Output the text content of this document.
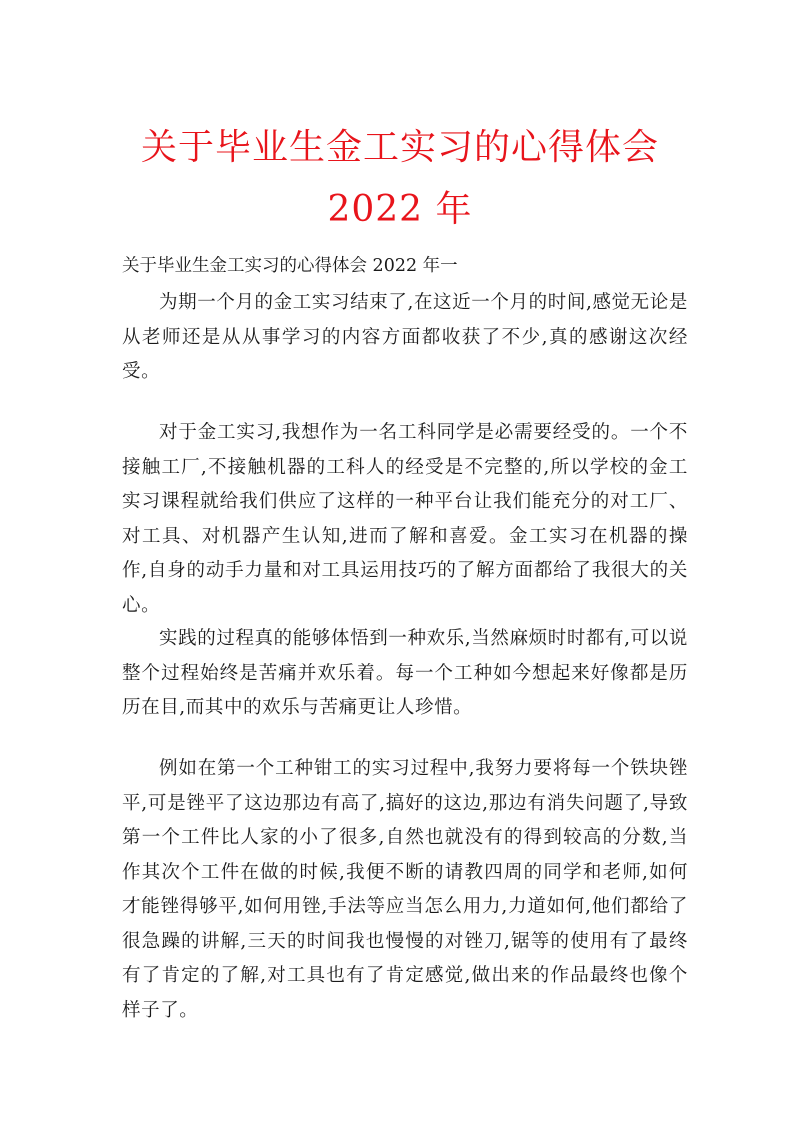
关于毕业生金工实习的心得体会
2022 年
关于毕业生金工实习的心得体会 2022 年一
为期一个月的金工实习结束了,在这近一个月的时间,感觉无论是从老师还是从从事学习的内容方面都收获了不少,真的感谢这次经受。
对于金工实习,我想作为一名工科同学是必需要经受的。一个不接触工厂,不接触机器的工科人的经受是不完整的,所以学校的金工实习课程就给我们供应了这样的一种平台让我们能充分的对工厂、对工具、对机器产生认知,进而了解和喜爱。金工实习在机器的操作,自身的动手力量和对工具运用技巧的了解方面都给了我很大的关心。
实践的过程真的能够体悟到一种欢乐,当然麻烦时时都有,可以说整个过程始终是苦痛并欢乐着。每一个工种如今想起来好像都是历历在目,而其中的欢乐与苦痛更让人珍惜。
例如在第一个工种钳工的实习过程中,我努力要将每一个铁块锉平,可是锉平了这边那边有高了,搞好的这边,那边有消失问题了,导致第一个工件比人家的小了很多,自然也就没有的得到较高的分数,当作其次个工件在做的时候,我便不断的请教四周的同学和老师,如何才能锉得够平,如何用锉,手法等应当怎么用力,力道如何,他们都给了很急躁的讲解,三天的时间我也慢慢的对锉刀,锯等的使用有了最终有了肯定的了解,对工具也有了肯定感觉,做出来的作品最终也像个样子了。
